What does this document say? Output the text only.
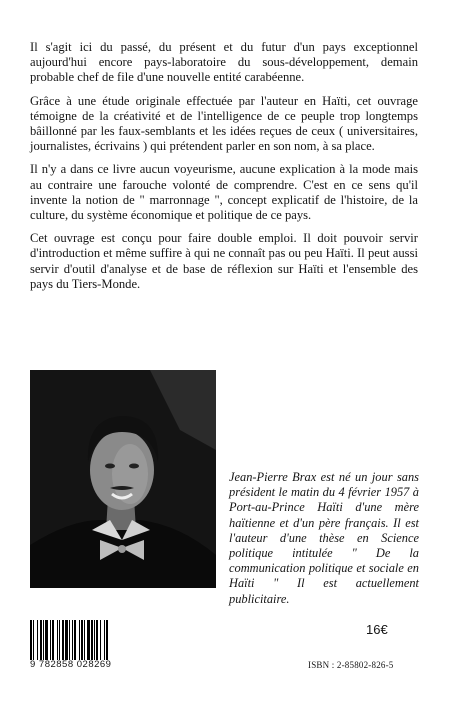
Il s'agit ici du passé, du présent et du futur d'un pays exceptionnel aujourd'hui encore pays-laboratoire du sous-développement, demain probable chef de file d'une nouvelle entité carabéenne.

Grâce à une étude originale effectuée par l'auteur en Haïti, cet ouvrage témoigne de la créativité et de l'intelligence de ce peuple trop longtemps bâillonné par les faux-semblants et les idées reçues de ceux ( universitaires, journalistes, écrivains ) qui prétendent parler en son nom, à sa place.

Il n'y a dans ce livre aucun voyeurisme, aucune explication à la mode mais au contraire une farouche volonté de comprendre. C'est en ce sens qu'il invente la notion de " marronnage ", concept explicatif de l'histoire, de la culture, du système économique et politique de ce pays.

Cet ouvrage est conçu pour faire double emploi. Il doit pouvoir servir d'introduction et même suffire à qui ne connaît pas ou peu Haïti. Il peut aussi servir d'outil d'analyse et de base de réflexion sur Haïti et l'ensemble des pays du Tiers-Monde.

Jean-Pierre Brax est né un jour sans président le matin du 4 février 1957 à Port-au-Prince Haïti d'une mère haïtienne et d'un père français. Il est l'auteur d'une thèse en Science politique intitulée " De la communication politique et sociale en Haïti " Il est actuellement publicitaire.
9 782858 028269
16€
ISBN : 2-85802-826-5
